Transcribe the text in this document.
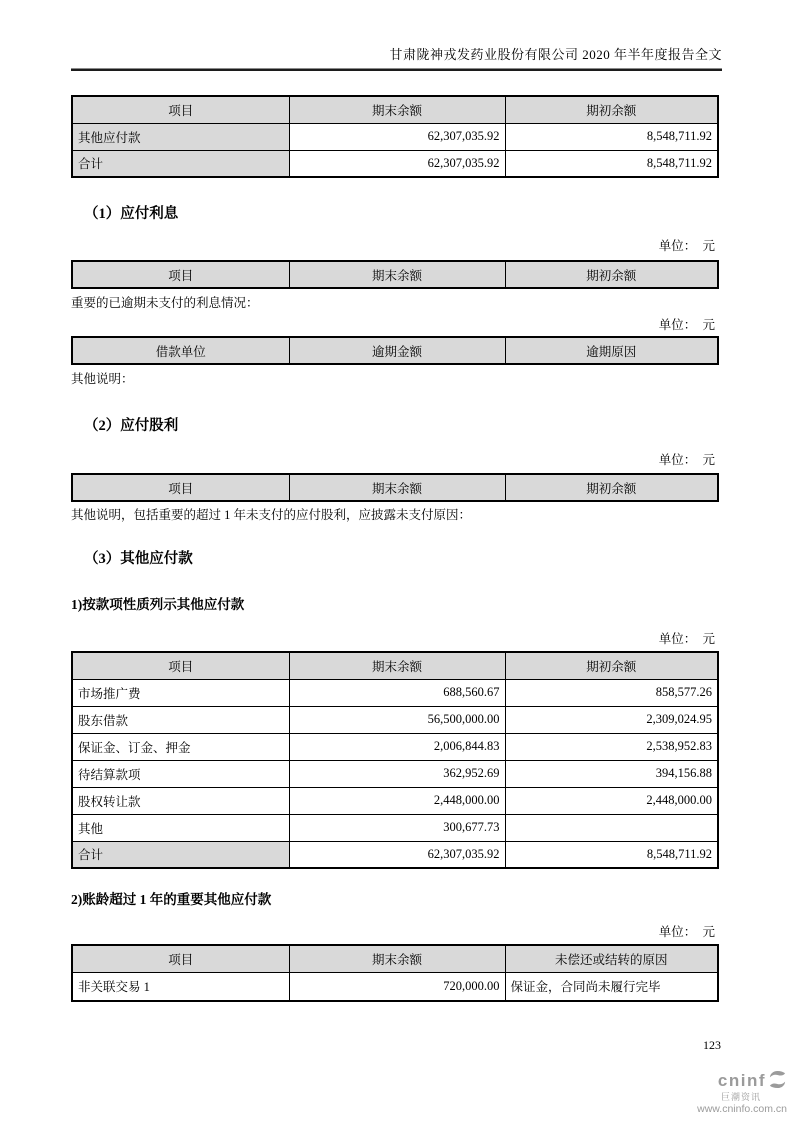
甘肃陇神戎发药业股份有限公司 2020 年半年度报告全文
项目	期末余额	期初余额
其他应付款	62,307,035.92	8,548,711.92
合计	62,307,035.92	8,548,711.92
（1）应付利息
单位：　元
项目	期末余额	期初余额

重要的已逾期未支付的利息情况：

单位：　元
借款单位	逾期金额	逾期原因

其他说明：

（2）应付股利
单位：　元
项目	期末余额	期初余额

其他说明，包括重要的超过 1 年未支付的应付股利，应披露未支付原因：

（3）其他应付款
1)按款项性质列示其他应付款
单位：　元
项目	期末余额	期初余额
市场推广费	688,560.67	858,577.26
股东借款	56,500,000.00	2,309,024.95
保证金、订金、押金	2,006,844.83	2,538,952.83
待结算款项	362,952.69	394,156.88
股权转让款	2,448,000.00	2,448,000.00
其他	300,677.73	
合计	62,307,035.92	8,548,711.92
2)账龄超过 1 年的重要其他应付款
单位：　元
项目	期末余额	未偿还或结转的原因
非关联交易 1	720,000.00	保证金，合同尚未履行完毕
123
cninf
巨潮资讯
www.cninfo.com.cn
